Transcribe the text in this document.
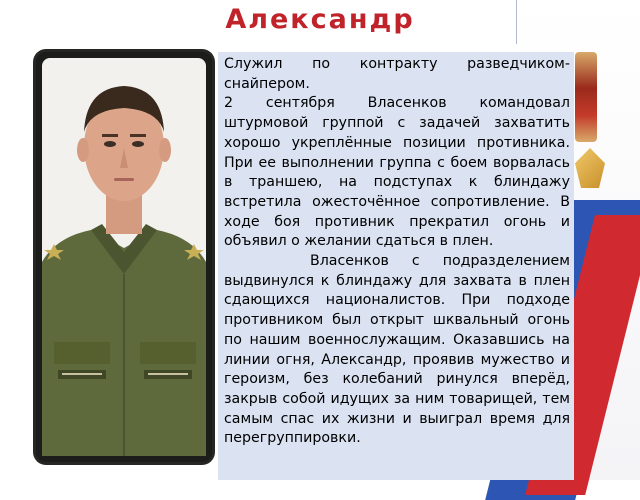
Александр

Служил по контракту разведчиком-снайпером.

2 сентября Власенков командовал штурмовой группой с задачей захватить хорошо укреплённые позиции противника. При ее выполнении группа с боем ворвалась в траншею, на подступах к блиндажу встретила ожесточённое сопротивление. В ходе боя противник прекратил огонь и объявил о желании сдаться в плен.

Власенков с подразделением выдвинулся к блиндажу для захвата в плен сдающихся националистов. При подходе противником был открыт шквальный огонь по нашим военнослужащим. Оказавшись на линии огня, Александр, проявив мужество и героизм, без колебаний ринулся вперёд, закрыв собой идущих за ним товарищей, тем самым спас их жизни и выиграл время для перегруппировки.
